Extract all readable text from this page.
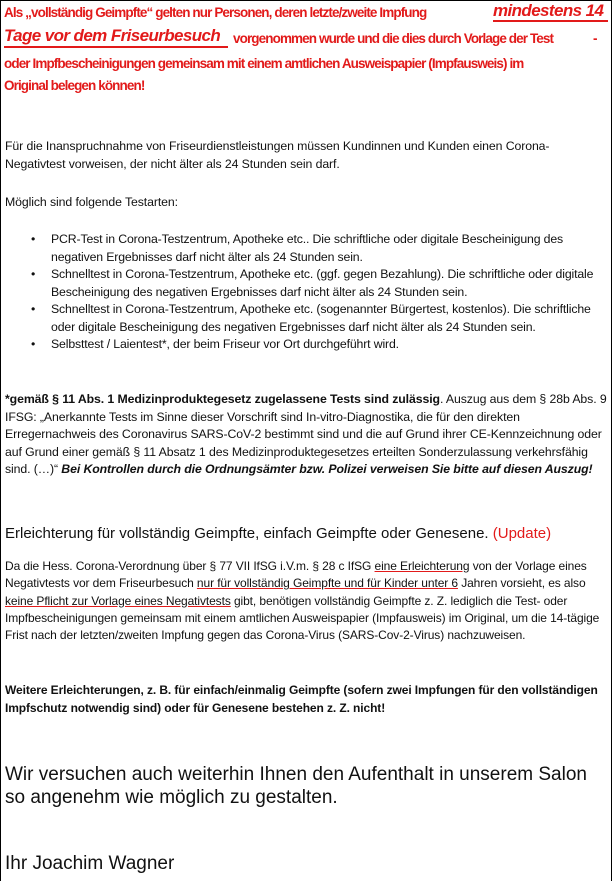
Als „vollständig Geimpfte“ gelten nur Personen, deren letzte/zweite Impfung	mindestens 14

Tage vor dem Friseurbesuch vorgenommen wurde und die dies durch Vorlage der Test	-

oder Impfbescheinigungen gemeinsam mit einem amtlichen Ausweispapier (Impfausweis) im

Original belegen können!

Für die Inanspruchnahme von Friseurdienstleistungen müssen Kundinnen und Kunden einen Corona-Negativtest vorweisen, der nicht älter als 24 Stunden sein darf.

Möglich sind folgende Testarten:

• PCR-Test in Corona-Testzentrum, Apotheke etc.. Die schriftliche oder digitale Bescheinigung des negativen Ergebnisses darf nicht älter als 24 Stunden sein.
• Schnelltest in Corona-Testzentrum, Apotheke etc. (ggf. gegen Bezahlung). Die schriftliche oder digitale Bescheinigung des negativen Ergebnisses darf nicht älter als 24 Stunden sein.
• Schnelltest in Corona-Testzentrum, Apotheke etc. (sogenannter Bürgertest, kostenlos). Die schriftliche oder digitale Bescheinigung des negativen Ergebnisses darf nicht älter als 24 Stunden sein.
• Selbsttest / Laientest*, der beim Friseur vor Ort durchgeführt wird.

*gemäß § 11 Abs. 1 Medizinproduktegesetz zugelassene Tests sind zulässig. Auszug aus dem § 28b Abs. 9 IFSG: „Anerkannte Tests im Sinne dieser Vorschrift sind In-vitro-Diagnostika, die für den direkten Erregernachweis des Coronavirus SARS-CoV-2 bestimmt sind und die auf Grund ihrer CE-Kennzeichnung oder auf Grund einer gemäß § 11 Absatz 1 des Medizinproduktegesetzes erteilten Sonderzulassung verkehrsfähig sind. (…)“ Bei Kontrollen durch die Ordnungsämter bzw. Polizei verweisen Sie bitte auf diesen Auszug!

Erleichterung für vollständig Geimpfte, einfach Geimpfte oder Genesene. (Update)

Da die Hess. Corona-Verordnung über § 77 VII IfSG i.V.m. § 28 c IfSG eine Erleichterung von der Vorlage eines Negativtests vor dem Friseurbesuch nur für vollständig Geimpfte und für Kinder unter 6 Jahren vorsieht, es also keine Pflicht zur Vorlage eines Negativtests gibt, benötigen vollständig Geimpfte z. Z. lediglich die Test- oder Impfbescheinigungen gemeinsam mit einem amtlichen Ausweispapier (Impfausweis) im Original, um die 14-tägige Frist nach der letzten/zweiten Impfung gegen das Corona-Virus (SARS-Cov-2-Virus) nachzuweisen.

Weitere Erleichterungen, z. B. für einfach/einmalig Geimpfte (sofern zwei Impfungen für den vollständigen Impfschutz notwendig sind) oder für Genesene bestehen z. Z. nicht!

Wir versuchen auch weiterhin Ihnen den Aufenthalt in unserem Salon so angenehm wie möglich zu gestalten.

Ihr Joachim Wagner
